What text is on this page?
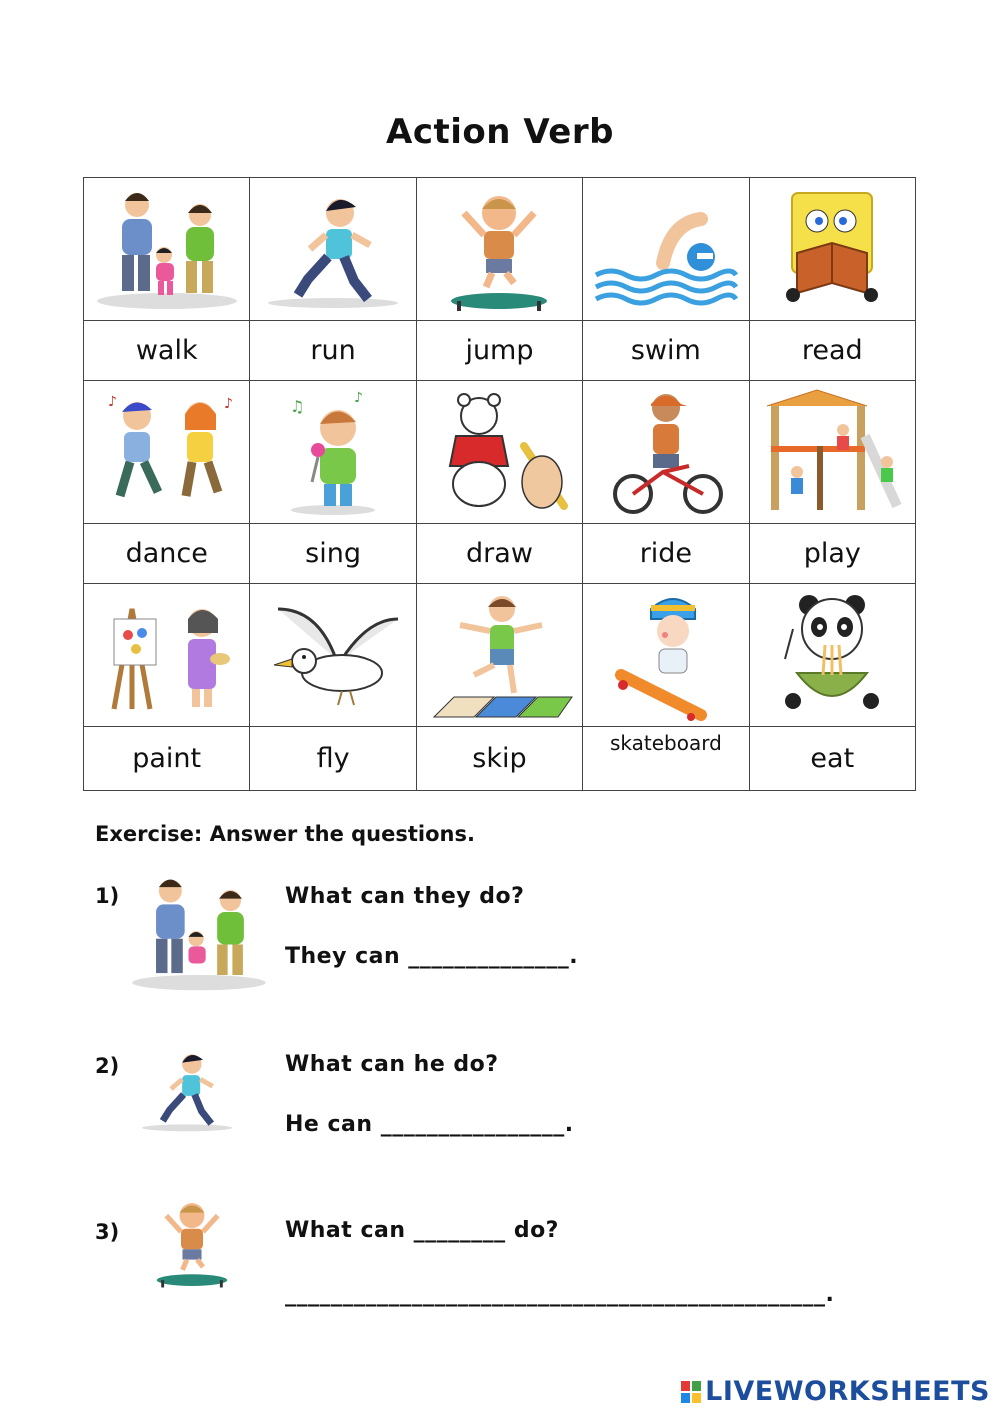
Action Verb

walk	run	jump	swim	read

♪ ♪	♫ ♪

dance	sing	draw	ride	play

paint	fly	skip	skateboard	eat
Exercise: Answer the questions.
1)	What can they do?
They can ______________.
2)	What can he do?
He can ________________.
3)	What can ________ do?
_______________________________________________.
LIVEWORKSHEETS
